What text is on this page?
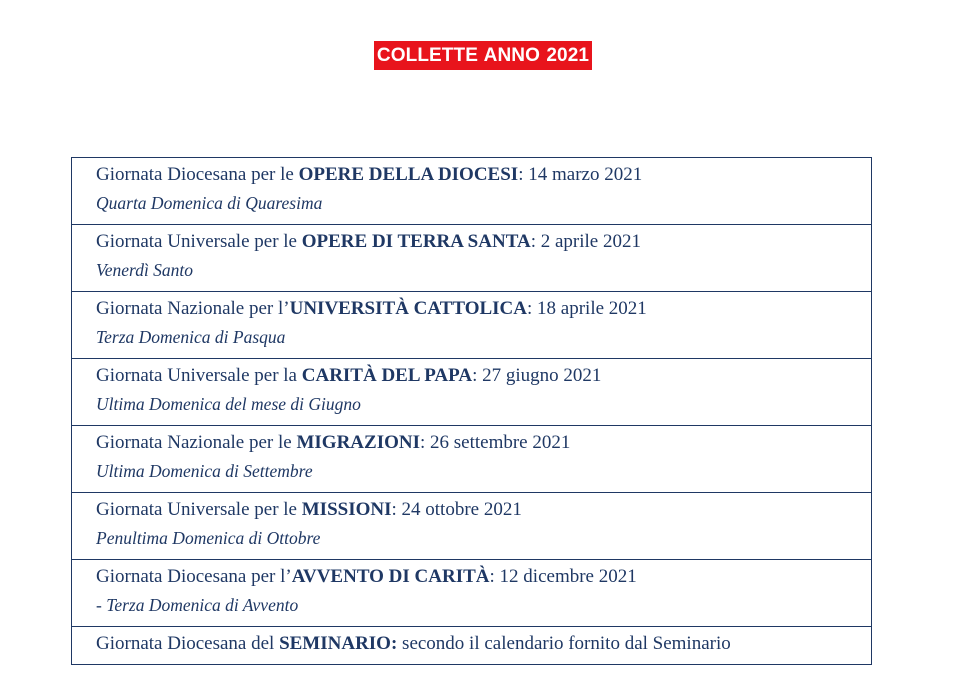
COLLETTE ANNO 2021
Giornata Diocesana per le OPERE DELLA DIOCESI: 14 marzo 2021
Quarta Domenica di Quaresima
Giornata Universale per le OPERE DI TERRA SANTA: 2 aprile 2021
Venerdì Santo
Giornata Nazionale per l’UNIVERSITÀ CATTOLICA: 18 aprile 2021
Terza Domenica di Pasqua
Giornata Universale per la CARITÀ DEL PAPA: 27 giugno 2021
Ultima Domenica del mese di Giugno
Giornata Nazionale per le MIGRAZIONI: 26 settembre 2021
Ultima Domenica di Settembre
Giornata Universale per le MISSIONI: 24 ottobre 2021
Penultima Domenica di Ottobre
Giornata Diocesana per l’AVVENTO DI CARITÀ: 12 dicembre 2021
- Terza Domenica di Avvento
Giornata Diocesana del SEMINARIO: secondo il calendario fornito dal Seminario
